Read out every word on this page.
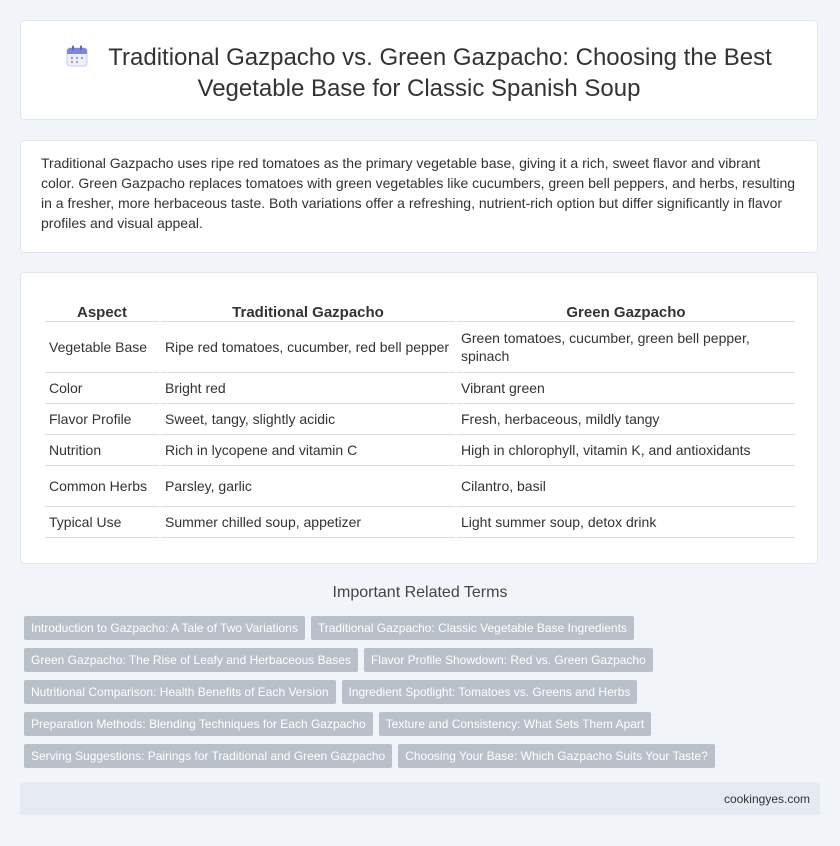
Traditional Gazpacho vs. Green Gazpacho: Choosing the Best
Vegetable Base for Classic Spanish Soup

Traditional Gazpacho uses ripe red tomatoes as the primary vegetable base, giving it a rich, sweet flavor and vibrant color. Green Gazpacho replaces tomatoes with green vegetables like cucumbers, green bell peppers, and herbs, resulting in a fresher, more herbaceous taste. Both variations offer a refreshing, nutrient-rich option but differ significantly in flavor profiles and visual appeal.

Aspect	Traditional Gazpacho	Green Gazpacho
Vegetable Base	Ripe red tomatoes, cucumber, red bell pepper	Green tomatoes, cucumber, green bell pepper, spinach
Color	Bright red	Vibrant green
Flavor Profile	Sweet, tangy, slightly acidic	Fresh, herbaceous, mildly tangy
Nutrition	Rich in lycopene and vitamin C	High in chlorophyll, vitamin K, and antioxidants
Common Herbs	Parsley, garlic	Cilantro, basil
Typical Use	Summer chilled soup, appetizer	Light summer soup, detox drink
Important Related Terms
Introduction to Gazpacho: A Tale of Two Variations Traditional Gazpacho: Classic Vegetable Base Ingredients
Green Gazpacho: The Rise of Leafy and Herbaceous Bases Flavor Profile Showdown: Red vs. Green Gazpacho
Nutritional Comparison: Health Benefits of Each Version Ingredient Spotlight: Tomatoes vs. Greens and Herbs
Preparation Methods: Blending Techniques for Each Gazpacho Texture and Consistency: What Sets Them Apart
Serving Suggestions: Pairings for Traditional and Green Gazpacho Choosing Your Base: Which Gazpacho Suits Your Taste?
cookingyes.com
